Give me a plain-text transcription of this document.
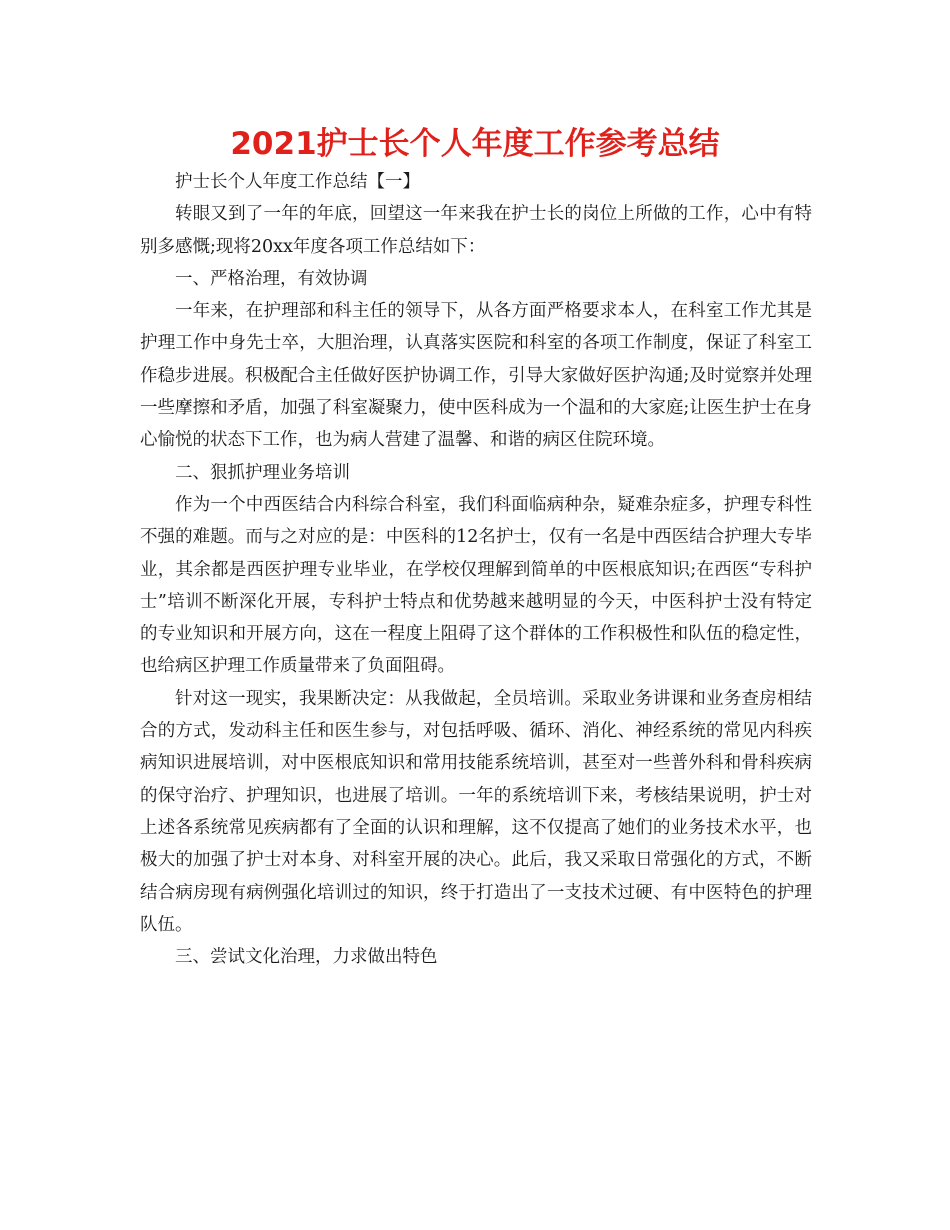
2021护士长个人年度工作参考总结

护士长个人年度工作总结【一】

转眼又到了一年的年底，回望这一年来我在护士长的岗位上所做的工作，心中有特别多感慨;现将20xx年度各项工作总结如下：

一、严格治理，有效协调

一年来，在护理部和科主任的领导下，从各方面严格要求本人，在科室工作尤其是护理工作中身先士卒，大胆治理，认真落实医院和科室的各项工作制度，保证了科室工作稳步进展。积极配合主任做好医护协调工作，引导大家做好医护沟通;及时觉察并处理一些摩擦和矛盾，加强了科室凝聚力，使中医科成为一个温和的大家庭;让医生护士在身心愉悦的状态下工作，也为病人营建了温馨、和谐的病区住院环境。

二、狠抓护理业务培训

作为一个中西医结合内科综合科室，我们科面临病种杂，疑难杂症多，护理专科性不强的难题。而与之对应的是：中医科的12名护士，仅有一名是中西医结合护理大专毕业，其余都是西医护理专业毕业，在学校仅理解到简单的中医根底知识;在西医“专科护士”培训不断深化开展，专科护士特点和优势越来越明显的今天，中医科护士没有特定的专业知识和开展方向，这在一程度上阻碍了这个群体的工作积极性和队伍的稳定性，也给病区护理工作质量带来了负面阻碍。

针对这一现实，我果断决定：从我做起，全员培训。采取业务讲课和业务查房相结合的方式，发动科主任和医生参与，对包括呼吸、循环、消化、神经系统的常见内科疾病知识进展培训，对中医根底知识和常用技能系统培训，甚至对一些普外科和骨科疾病的保守治疗、护理知识，也进展了培训。一年的系统培训下来，考核结果说明，护士对上述各系统常见疾病都有了全面的认识和理解，这不仅提高了她们的业务技术水平，也极大的加强了护士对本身、对科室开展的决心。此后，我又采取日常强化的方式，不断结合病房现有病例强化培训过的知识，终于打造出了一支技术过硬、有中医特色的护理队伍。

三、尝试文化治理，力求做出特色
